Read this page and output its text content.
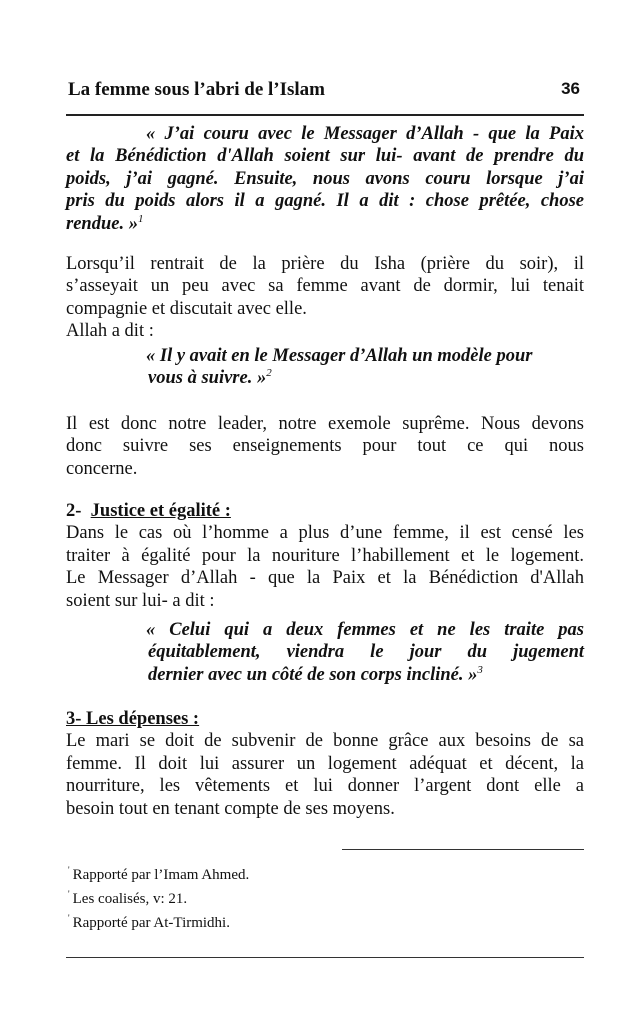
La femme sous l’abri de l’Islam	36
« J’ai couru avec le Messager d’Allah - que la Paix
et la Bénédiction d'Allah soient sur lui- avant de prendre du
poids, j’ai gagné. Ensuite, nous avons couru lorsque j’ai
pris du poids alors il a gagné. Il a dit : chose prêtée, chose
rendue. »$^1$
Lorsqu’il rentrait de la prière du Isha (prière du soir), il
s’asseyait un peu avec sa femme avant de dormir, lui tenait
compagnie et discutait avec elle.
Allah a dit :
« Il y avait en le Messager d’Allah un modèle pour
vous à suivre. »$^2$
Il est donc notre leader, notre exemole suprême. Nous devons
donc suivre ses enseignements pour tout ce qui nous
concerne.
2- Justice et égalité :
Dans le cas où l’homme a plus d’une femme, il est censé les
traiter à égalité pour la nouriture l’habillement et le logement.
Le Messager d’Allah - que la Paix et la Bénédiction d'Allah
soient sur lui- a dit :
« Celui qui a deux femmes et ne les traite pas
équitablement, viendra le jour du jugement
dernier avec un côté de son corps incliné. »$^3$
3- Les dépenses :
Le mari se doit de subvenir de bonne grâce aux besoins de sa
femme. Il doit lui assurer un logement adéquat et décent, la
nourriture, les vêtements et lui donner l’argent dont elle a
besoin tout en tenant compte de ses moyens.
' Rapporté par l’Imam Ahmed.
' Les coalisés, v: 21.
' Rapporté par At-Tirmidhi.
